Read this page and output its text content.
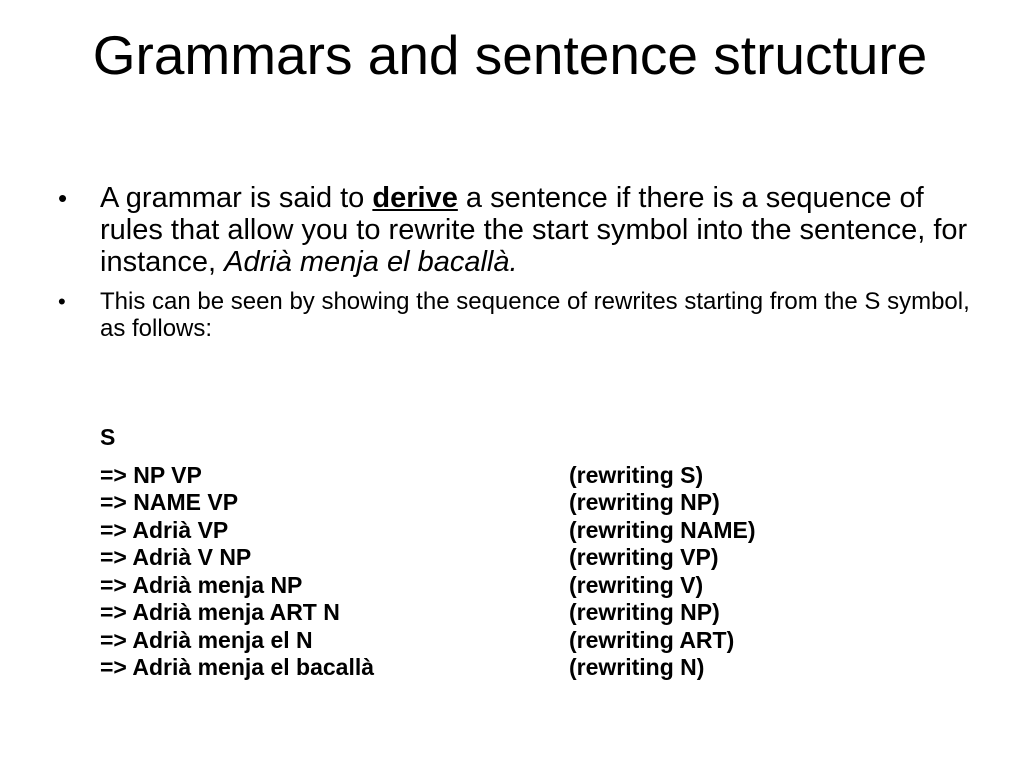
Grammars and sentence structure
• A grammar is said to derive a sentence if there is a sequence of rules that allow you to rewrite the start symbol into the sentence, for instance, Adrià menja el bacallà.
• This can be seen by showing the sequence of rewrites starting from the S symbol, as follows:
S
=> NP VP	(rewriting S)
=> NAME VP	(rewriting NP)
=> Adrià VP	(rewriting NAME)
=> Adrià V NP	(rewriting VP)
=> Adrià menja NP	(rewriting V)
=> Adrià menja ART N	(rewriting NP)
=> Adrià menja el N	(rewriting ART)
=> Adrià menja el bacallà	(rewriting N)
